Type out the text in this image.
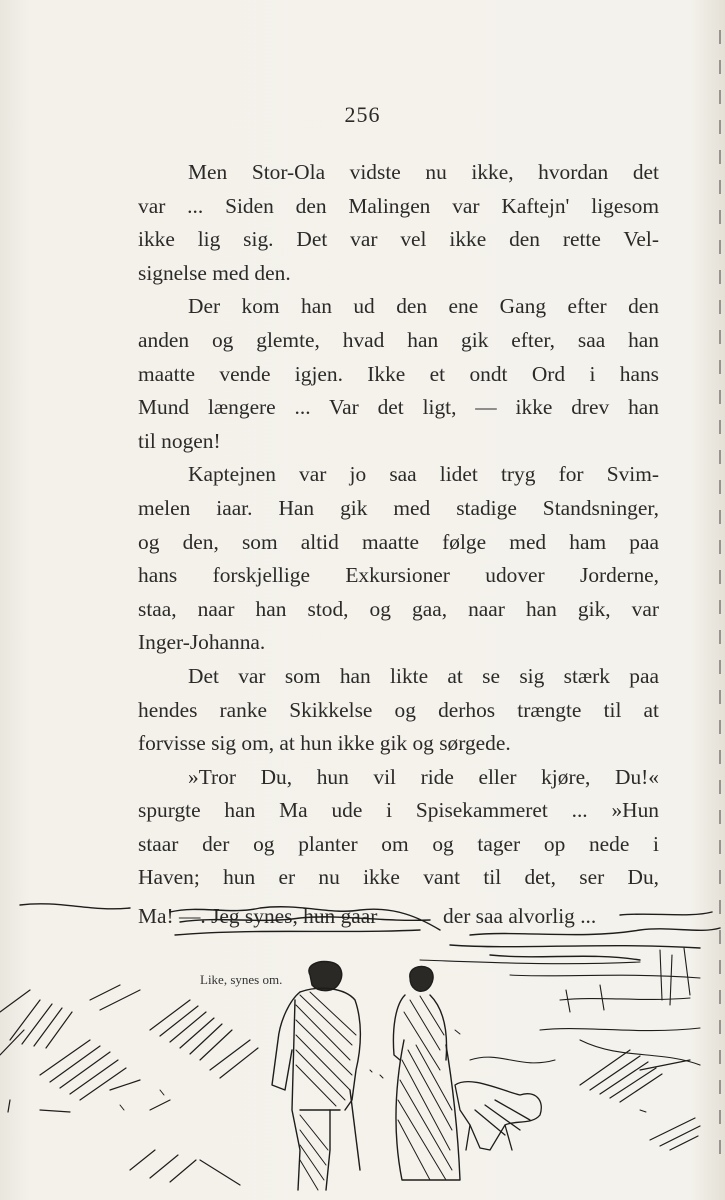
256
Men Stor-Ola vidste nu ikke, hvordan det
var ... Siden den Malingen var Kaftejn' ligesom
ikke lig sig. Det var vel ikke den rette Vel-
signelse med den.
Der kom han ud den ene Gang efter den
anden og glemte, hvad han gik efter, saa han
maatte vende igjen. Ikke et ondt Ord i hans
Mund længere ... Var det ligt, — ikke drev han
til nogen!
Kaptejnen var jo saa lidet tryg for Svim-
melen iaar. Han gik med stadige Standsninger,
og den, som altid maatte følge med ham paa
hans forskjellige Exkursioner udover Jorderne,
staa, naar han stod, og gaa, naar han gik, var
Inger-Johanna.
Det var som han likte at se sig stærk paa
hendes ranke Skikkelse og derhos trængte til at
forvisse sig om, at hun ikke gik og sørgede.
»Tror Du, hun vil ride eller kjøre, Du!«
spurgte han Ma ude i Spisekammeret ... »Hun
staar der og planter om og tager op nede i
Haven; hun er nu ikke vant til det, ser Du,
Ma! —. Jeg synes, hun gaar	der saa alvorlig ...
Like, synes om.
